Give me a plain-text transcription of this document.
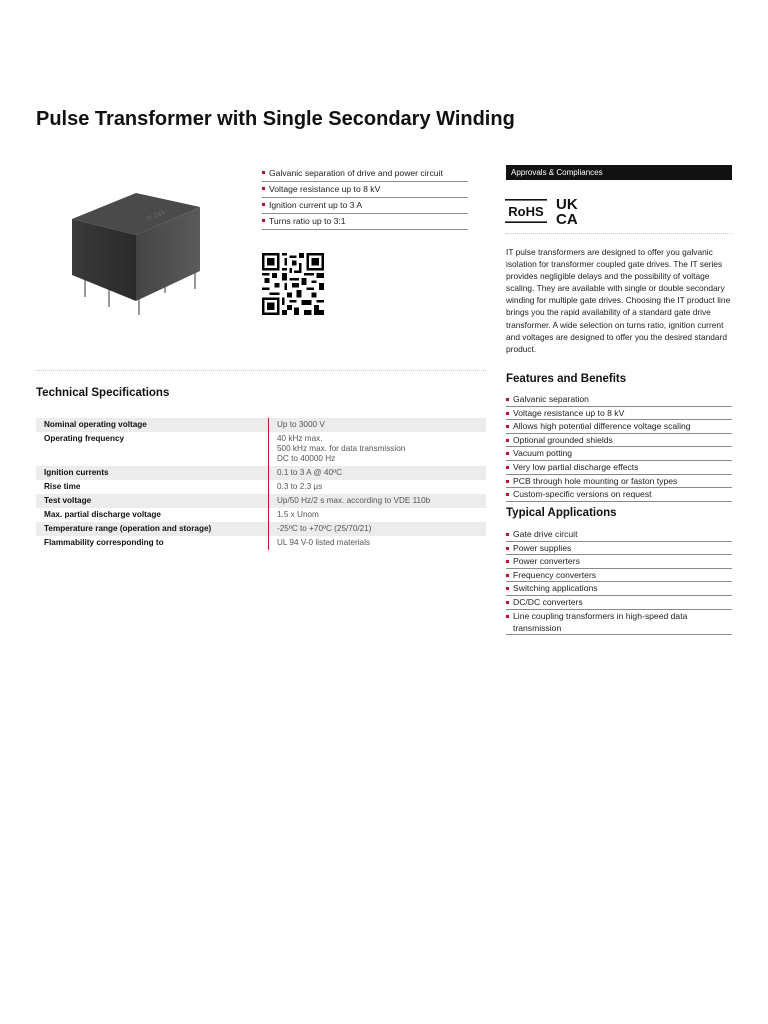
Pulse Transformer with Single Secondary Winding
IT 245
Galvanic separation of drive and power circuit
Voltage resistance up to 8 kV
Ignition current up to 3 A
Turns ratio up to 3:1
Technical Specifications
Nominal operating voltage	Up to 3000 V
Operating frequency	40 kHz max.
500 kHz max. for data transmission
DC to 40000 Hz
Ignition currents	0.1 to 3 A @ 40ºC
Rise time	0.3 to 2.3 µs
Test voltage	Up/50 Hz/2 s max. according to VDE 110b
Max. partial discharge voltage	1.5 x Unom
Temperature range (operation and storage)	-25ºC to +70ºC (25/70/21)
Flammability corresponding to	UL 94 V-0 listed materials
Approvals & Compliances
RoHS UK
CA

IT pulse transformers are designed to offer you galvanic isolation for transformer coupled gate drives. The IT series provides negligible delays and the possibility of voltage scaling. They are available with single or double secondary winding for multiple gate drives. Choosing the IT product line brings you the rapid availability of a standard gate drive transformer. A wide selection on turns ratio, ignition current and voltages are designed to offer you the desired standard product.

Features and Benefits
Galvanic separation
Voltage resistance up to 8 kV
Allows high potential difference voltage scaling
Optional grounded shields
Vacuum potting
Very low partial discharge effects
PCB through hole mounting or faston types
Custom-specific versions on request
Typical Applications
Gate drive circuit
Power supplies
Power converters
Frequency converters
Switching applications
DC/DC converters
Line coupling transformers in high-speed data transmission
